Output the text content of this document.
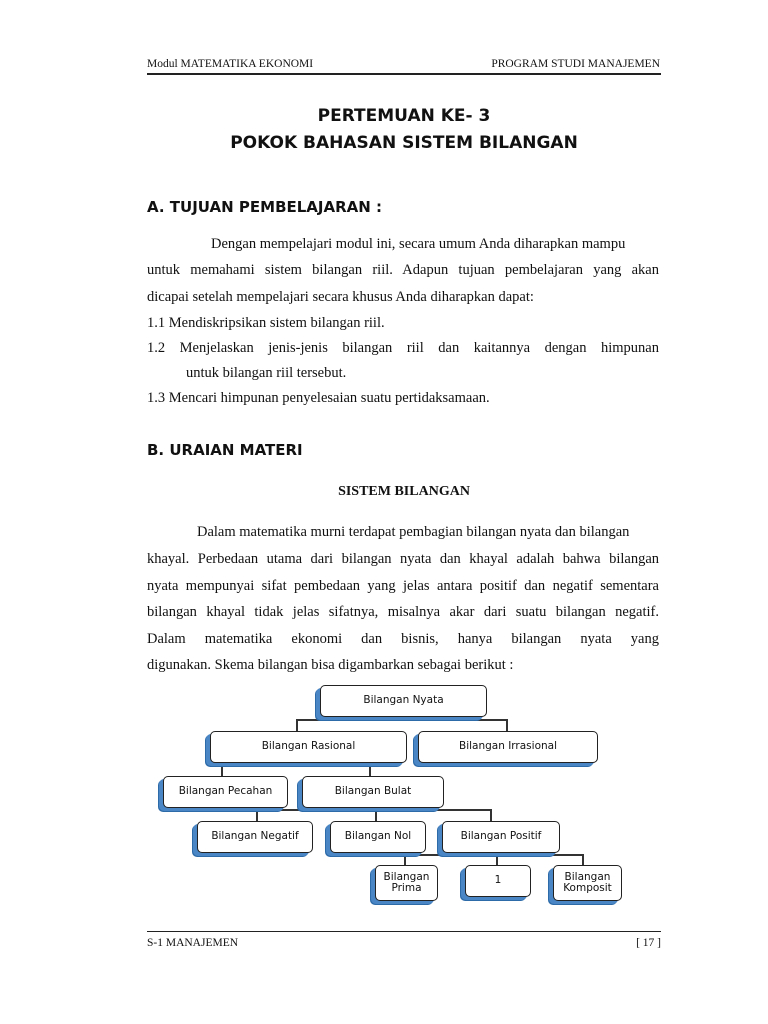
Modul MATEMATIKA EKONOMI	PROGRAM STUDI MANAJEMEN
PERTEMUAN KE- 3
POKOK BAHASAN SISTEM BILANGAN
A. TUJUAN PEMBELAJARAN :
Dengan mempelajari modul ini, secara umum Anda diharapkan mampu
untuk memahami sistem bilangan riil. Adapun tujuan pembelajaran yang akan
dicapai setelah mempelajari secara khusus Anda diharapkan dapat:
1.1 Mendiskripsikan sistem bilangan riil.
1.2 Menjelaskan jenis-jenis bilangan riil dan kaitannya dengan himpunan
untuk bilangan riil tersebut.
1.3 Mencari himpunan penyelesaian suatu pertidaksamaan.
B. URAIAN MATERI
SISTEM BILANGAN
Dalam matematika murni terdapat pembagian bilangan nyata dan bilangan
khayal. Perbedaan utama dari bilangan nyata dan khayal adalah bahwa bilangan
nyata mempunyai sifat pembedaan yang jelas antara positif dan negatif sementara
bilangan khayal tidak jelas sifatnya, misalnya akar dari suatu bilangan negatif.
Dalam matematika ekonomi dan bisnis, hanya bilangan nyata yang
digunakan. Skema bilangan bisa digambarkan sebagai berikut :
Bilangan Nyata
Bilangan Rasional	Bilangan Irrasional
Bilangan Pecahan	Bilangan Bulat
Bilangan Negatif	Bilangan Nol	Bilangan Positif
Bilangan Prima
1	Bilangan Komposit
S-1 MANAJEMEN	[ 17 ]
